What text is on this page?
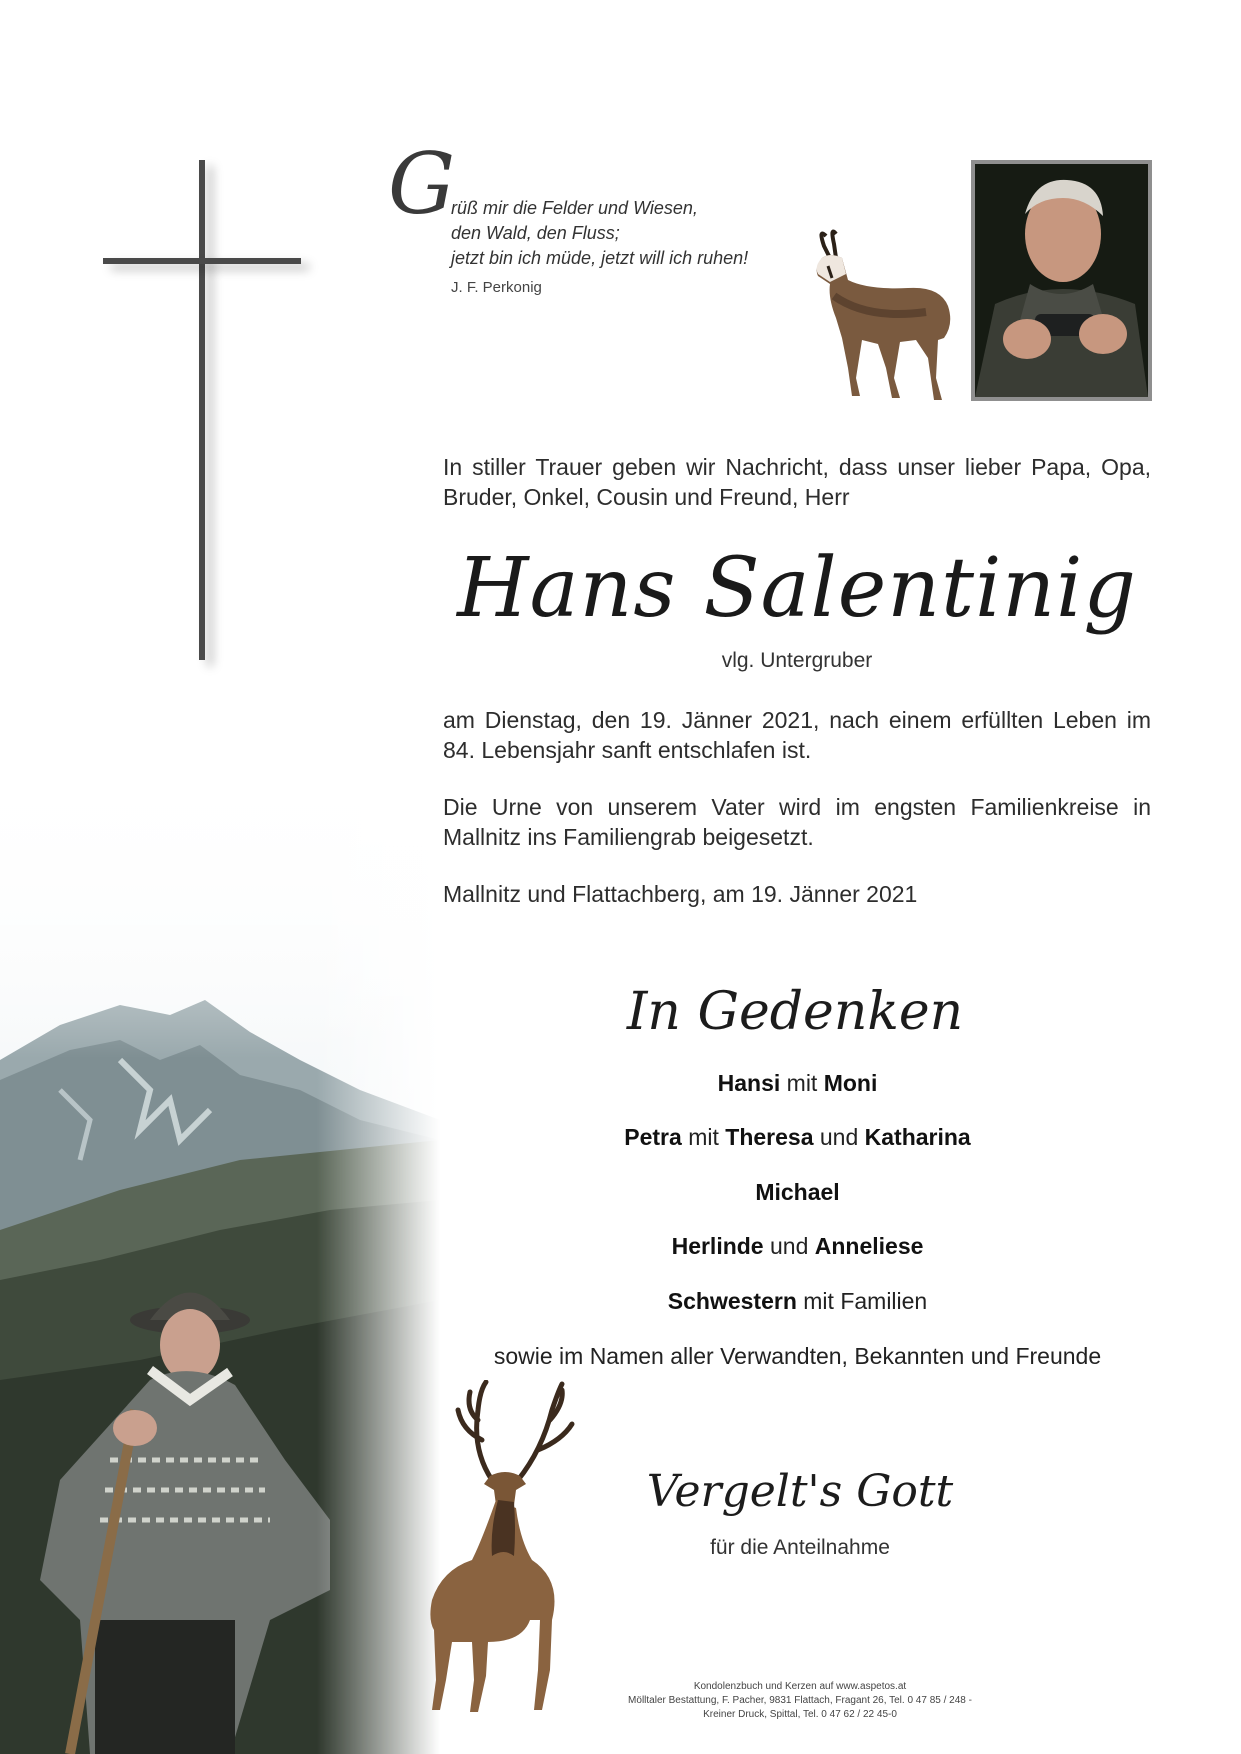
G
rüß mir die Felder und Wiesen,
den Wald, den Fluss;
jetzt bin ich müde, jetzt will ich ruhen!
J. F. Perkonig

In stiller Trauer geben wir Nachricht, dass unser lieber Papa, Opa, Bruder, Onkel, Cousin und Freund, Herr

Hans Salentinig
vlg. Untergruber

am Dienstag, den 19. Jänner 2021, nach einem erfüllten Leben im 84. Lebensjahr sanft entschlafen ist.

Die Urne von unserem Vater wird im engsten Familienkreise in Mallnitz ins Familiengrab beigesetzt.

Mallnitz und Flattachberg, am 19. Jänner 2021

In Gedenken
Hansi mit Moni
Petra mit Theresa und Katharina
Michael
Herlinde und Anneliese
Schwestern mit Familien
sowie im Namen aller Verwandten, Bekannten und Freunde
Vergelt's Gott
für die Anteilnahme
Kondolenzbuch und Kerzen auf www.aspetos.at
Mölltaler Bestattung, F. Pacher, 9831 Flattach, Fragant 26, Tel. 0 47 85 / 248 -
Kreiner Druck, Spittal, Tel. 0 47 62 / 22 45-0
